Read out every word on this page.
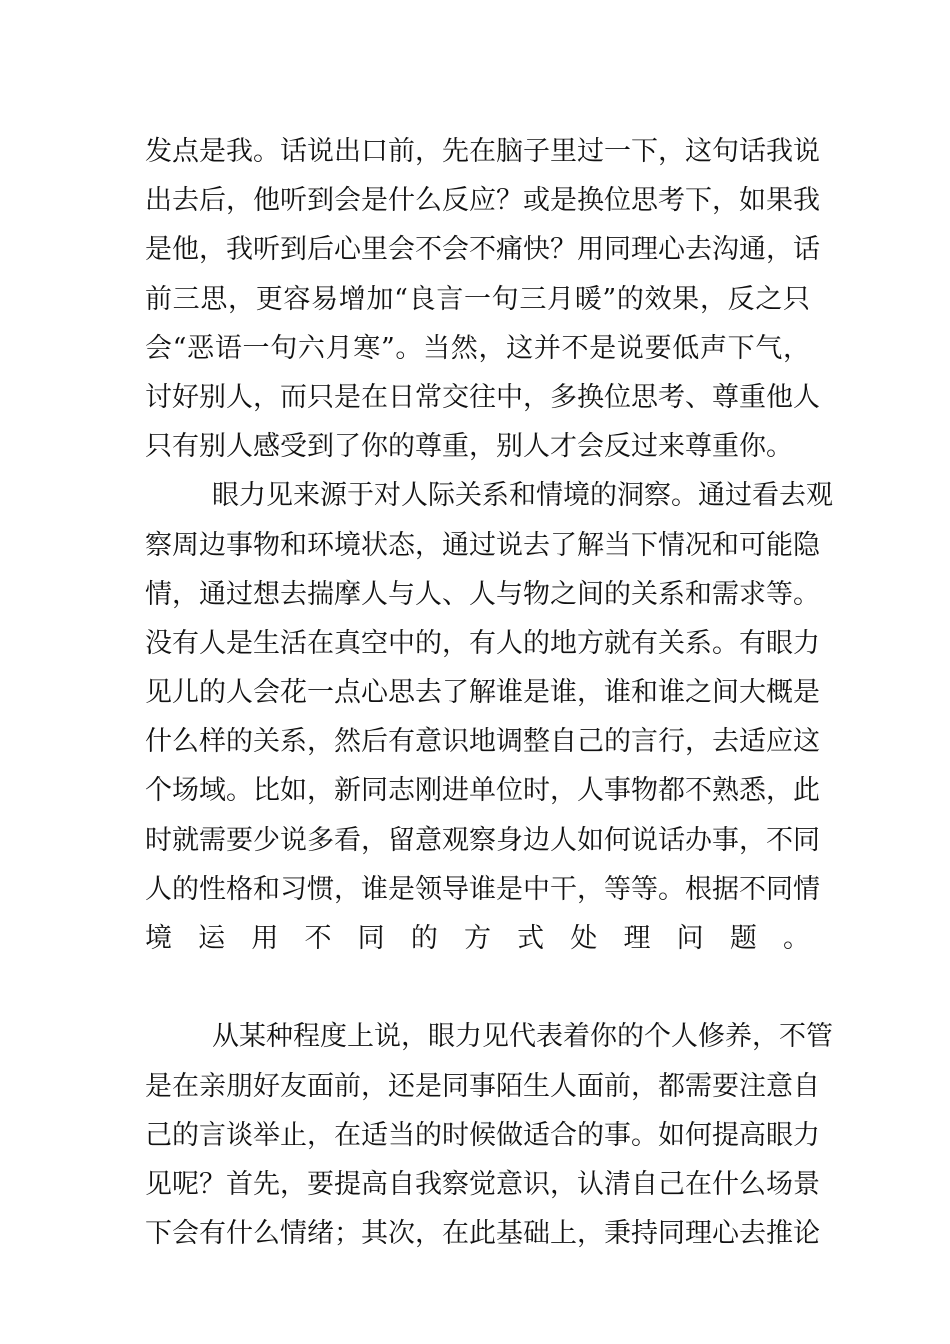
发点是我。话说出口前，先在脑子里过一下，这句话我说
出去后，他听到会是什么反应？或是换位思考下，如果我
是他，我听到后心里会不会不痛快？用同理心去沟通，话
前三思，更容易增加“良言一句三月暖”的效果，反之只
会“恶语一句六月寒”。当然，这并不是说要低声下气，
讨好别人，而只是在日常交往中，多换位思考、尊重他人
只有别人感受到了你的尊重，别人才会反过来尊重你。
眼力见来源于对人际关系和情境的洞察。通过看去观
察周边事物和环境状态，通过说去了解当下情况和可能隐
情，通过想去揣摩人与人、人与物之间的关系和需求等。
没有人是生活在真空中的，有人的地方就有关系。有眼力
见儿的人会花一点心思去了解谁是谁，谁和谁之间大概是
什么样的关系，然后有意识地调整自己的言行，去适应这
个场域。比如，新同志刚进单位时，人事物都不熟悉，此
时就需要少说多看，留意观察身边人如何说话办事，不同
人的性格和习惯，谁是领导谁是中干，等等。根据不同情
境运用不同的方式处理问题。
从某种程度上说，眼力见代表着你的个人修养，不管
是在亲朋好友面前，还是同事陌生人面前，都需要注意自
己的言谈举止，在适当的时候做适合的事。如何提高眼力
见呢？首先，要提高自我察觉意识，认清自己在什么场景
下会有什么情绪；其次，在此基础上，秉持同理心去推论
